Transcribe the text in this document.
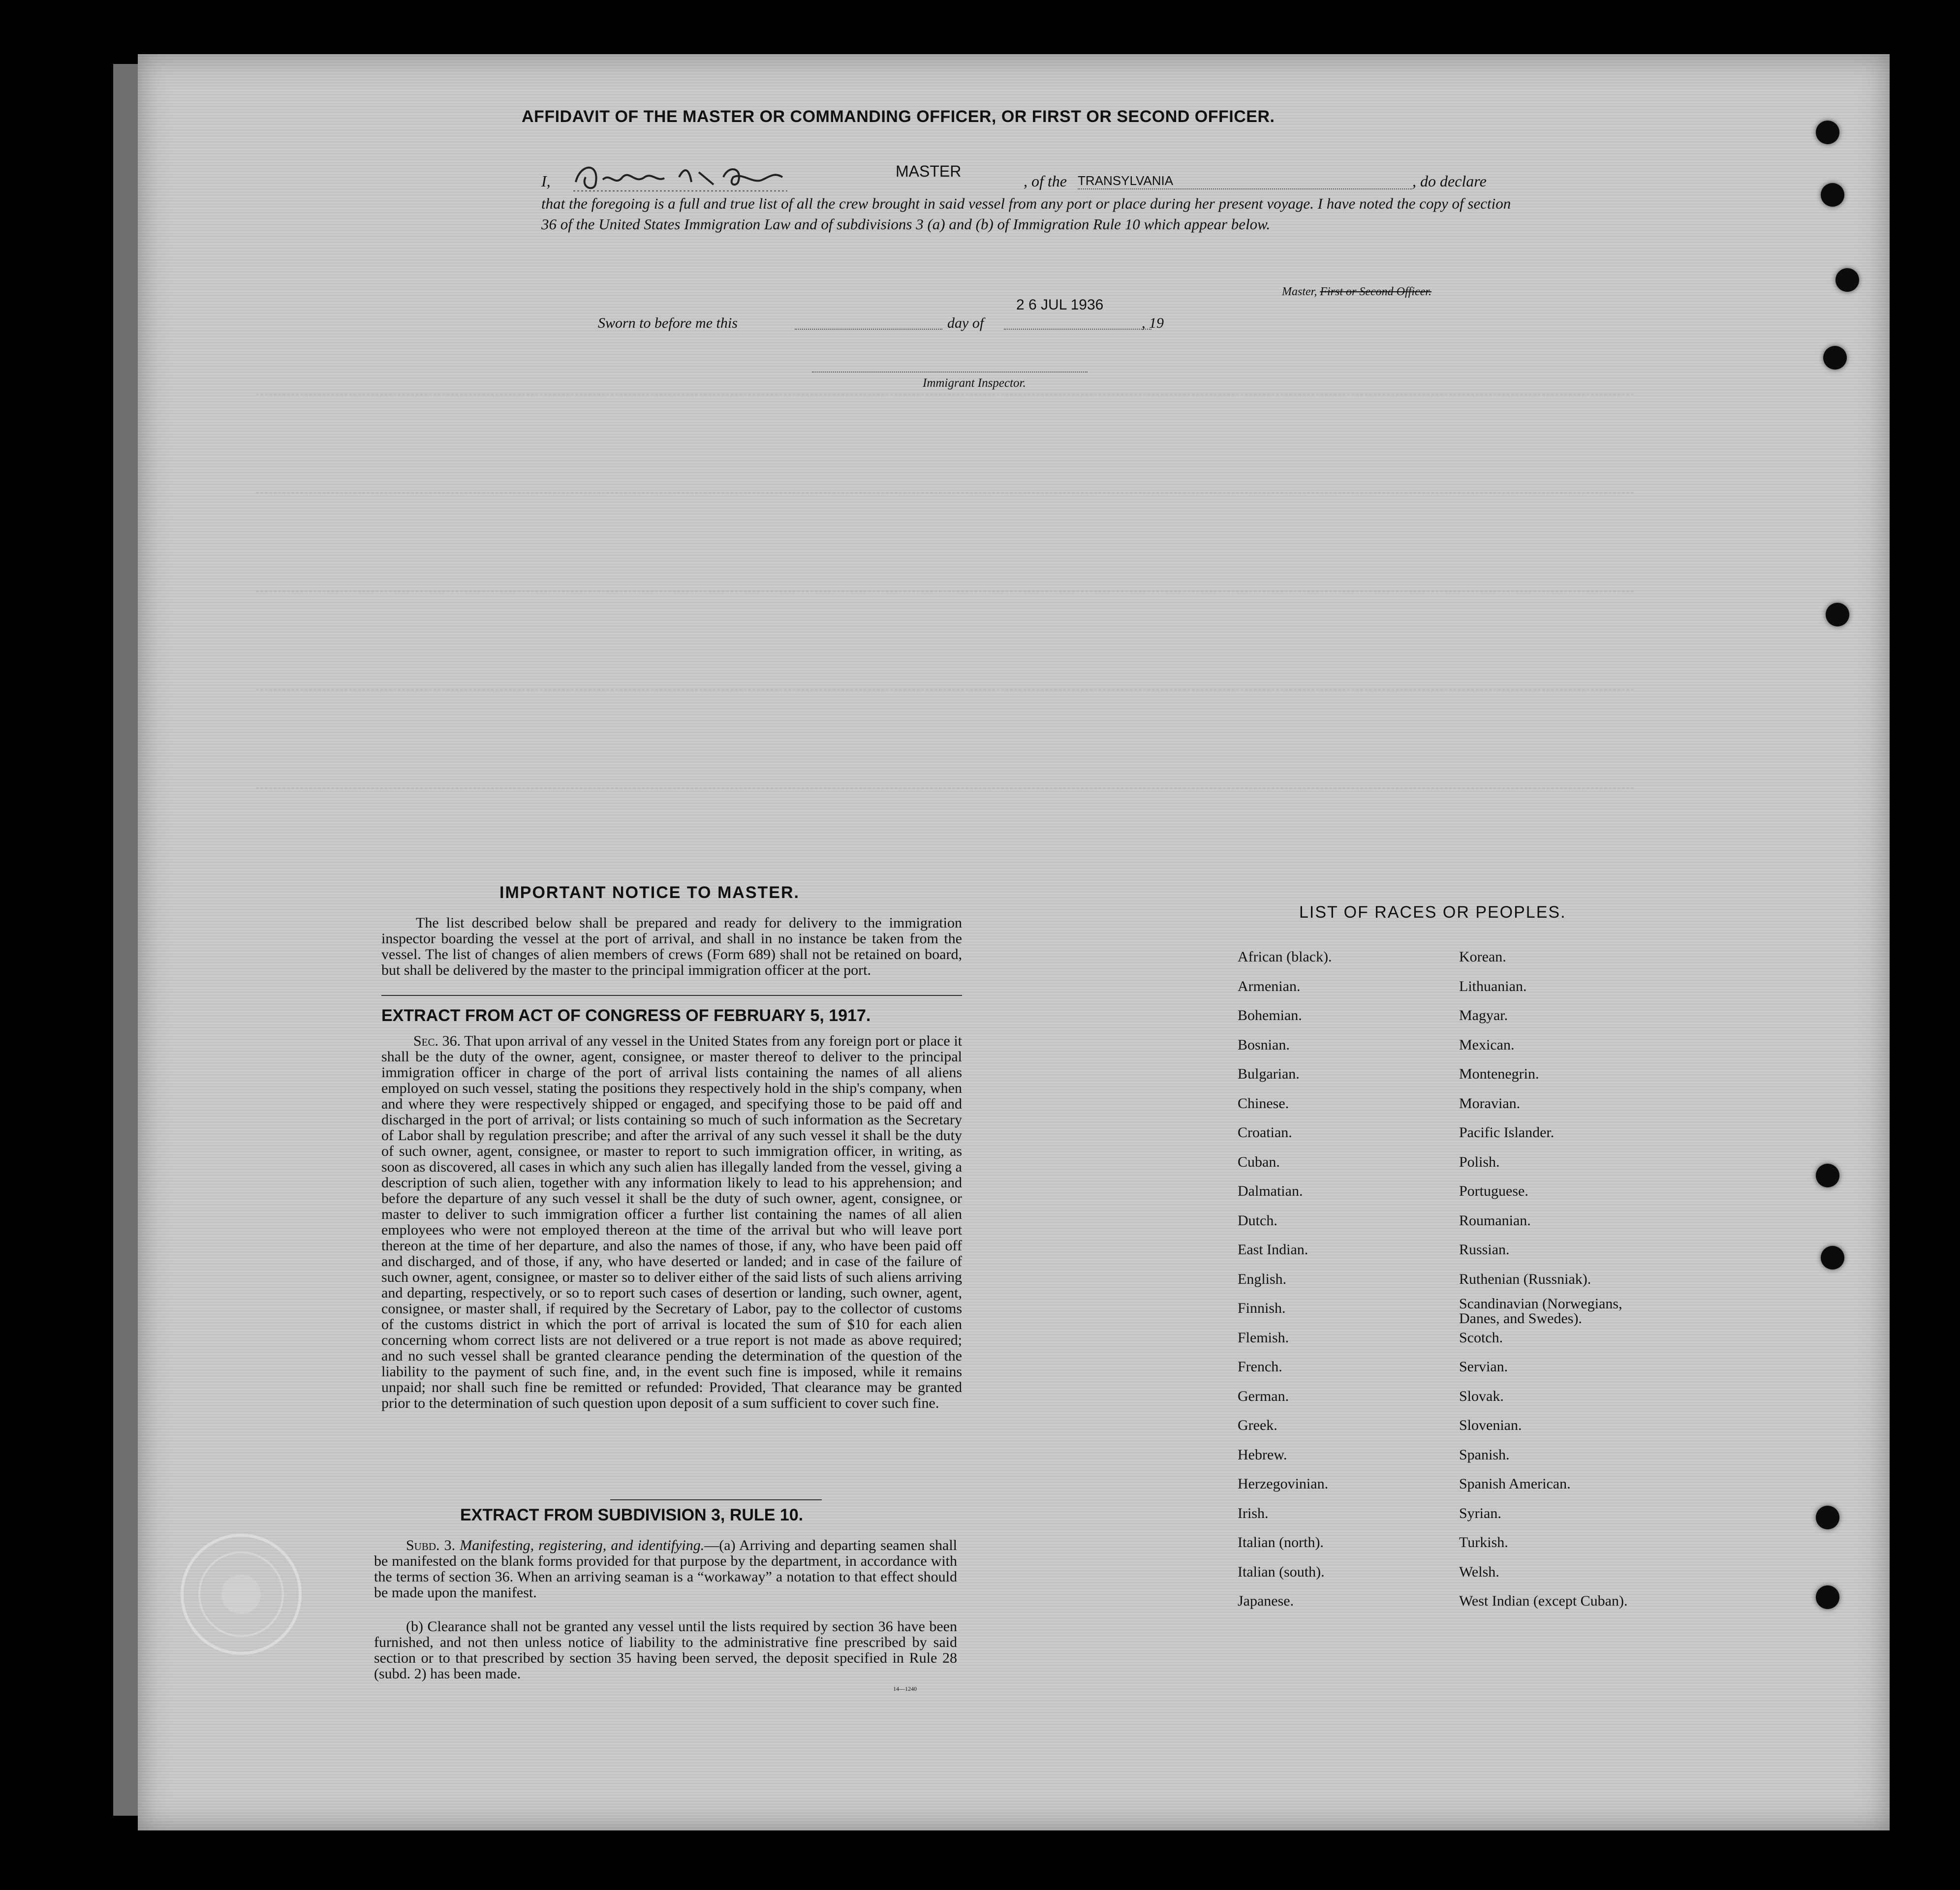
AFFIDAVIT OF THE MASTER OR COMMANDING OFFICER, OR FIRST OR SECOND OFFICER.
I,
MASTER
, of the TRANSYLVANIA	, do declare
that the foregoing is a full and true list of all the crew brought in said vessel from any port or place during her present voyage. I have noted the copy of section 36 of the United States Immigration Law and of subdivisions 3 (a) and (b) of Immigration Rule 10 which appear below.
Master, First or Second Officer.
Sworn to before me this	day of
2 6 JUL 1936
, 19
Immigrant Inspector.
IMPORTANT NOTICE TO MASTER.

The list described below shall be prepared and ready for delivery to the immigration inspector boarding the vessel at the port of arrival, and shall in no instance be taken from the vessel. The list of changes of alien members of crews (Form 689) shall not be retained on board, but shall be delivered by the master to the principal immigration officer at the port.

EXTRACT FROM ACT OF CONGRESS OF FEBRUARY 5, 1917.

Sec. 36. That upon arrival of any vessel in the United States from any foreign port or place it shall be the duty of the owner, agent, consignee, or master thereof to deliver to the principal immigration officer in charge of the port of arrival lists containing the names of all aliens employed on such vessel, stating the positions they respectively hold in the ship's company, when and where they were respectively shipped or engaged, and specifying those to be paid off and discharged in the port of arrival; or lists containing so much of such information as the Secretary of Labor shall by regulation prescribe; and after the arrival of any such vessel it shall be the duty of such owner, agent, consignee, or master to report to such immigration officer, in writing, as soon as discovered, all cases in which any such alien has illegally landed from the vessel, giving a description of such alien, together with any information likely to lead to his apprehension; and before the departure of any such vessel it shall be the duty of such owner, agent, consignee, or master to deliver to such immigration officer a further list containing the names of all alien employees who were not employed thereon at the time of the arrival but who will leave port thereon at the time of her departure, and also the names of those, if any, who have been paid off and discharged, and of those, if any, who have deserted or landed; and in case of the failure of such owner, agent, consignee, or master so to deliver either of the said lists of such aliens arriving and departing, respectively, or so to report such cases of desertion or landing, such owner, agent, consignee, or master shall, if required by the Secretary of Labor, pay to the collector of customs of the customs district in which the port of arrival is located the sum of $10 for each alien concerning whom correct lists are not delivered or a true report is not made as above required; and no such vessel shall be granted clearance pending the determination of the question of the liability to the payment of such fine, and, in the event such fine is imposed, while it remains unpaid; nor shall such fine be remitted or refunded: Provided, That clearance may be granted prior to the determination of such question upon deposit of a sum sufficient to cover such fine.

EXTRACT FROM SUBDIVISION 3, RULE 10.

Subd. 3. Manifesting, registering, and identifying.—(a) Arriving and departing seamen shall be manifested on the blank forms provided for that purpose by the department, in accordance with the terms of section 36. When an arriving seaman is a “workaway” a notation to that effect should be made upon the manifest.

(b) Clearance shall not be granted any vessel until the lists required by section 36 have been furnished, and not then unless notice of liability to the administrative fine prescribed by said section or to that prescribed by section 35 having been served, the deposit specified in Rule 28 (subd. 2) has been made.

14—1240
LIST OF RACES OR PEOPLES.
African (black).
Armenian.
Bohemian.
Bosnian.
Bulgarian.
Chinese.
Croatian.
Cuban.
Dalmatian.
Dutch.
East Indian.
English.
Finnish.
Flemish.
French.
German.
Greek.
Hebrew.
Herzegovinian.
Irish.
Italian (north).
Italian (south).
Japanese.
Korean.
Lithuanian.
Magyar.
Mexican.
Montenegrin.
Moravian.
Pacific Islander.
Polish.
Portuguese.
Roumanian.
Russian.
Ruthenian (Russniak).
Scandinavian (Norwegians, Danes, and Swedes).
Scotch.
Servian.
Slovak.
Slovenian.
Spanish.
Spanish American.
Syrian.
Turkish.
Welsh.
West Indian (except Cuban).
